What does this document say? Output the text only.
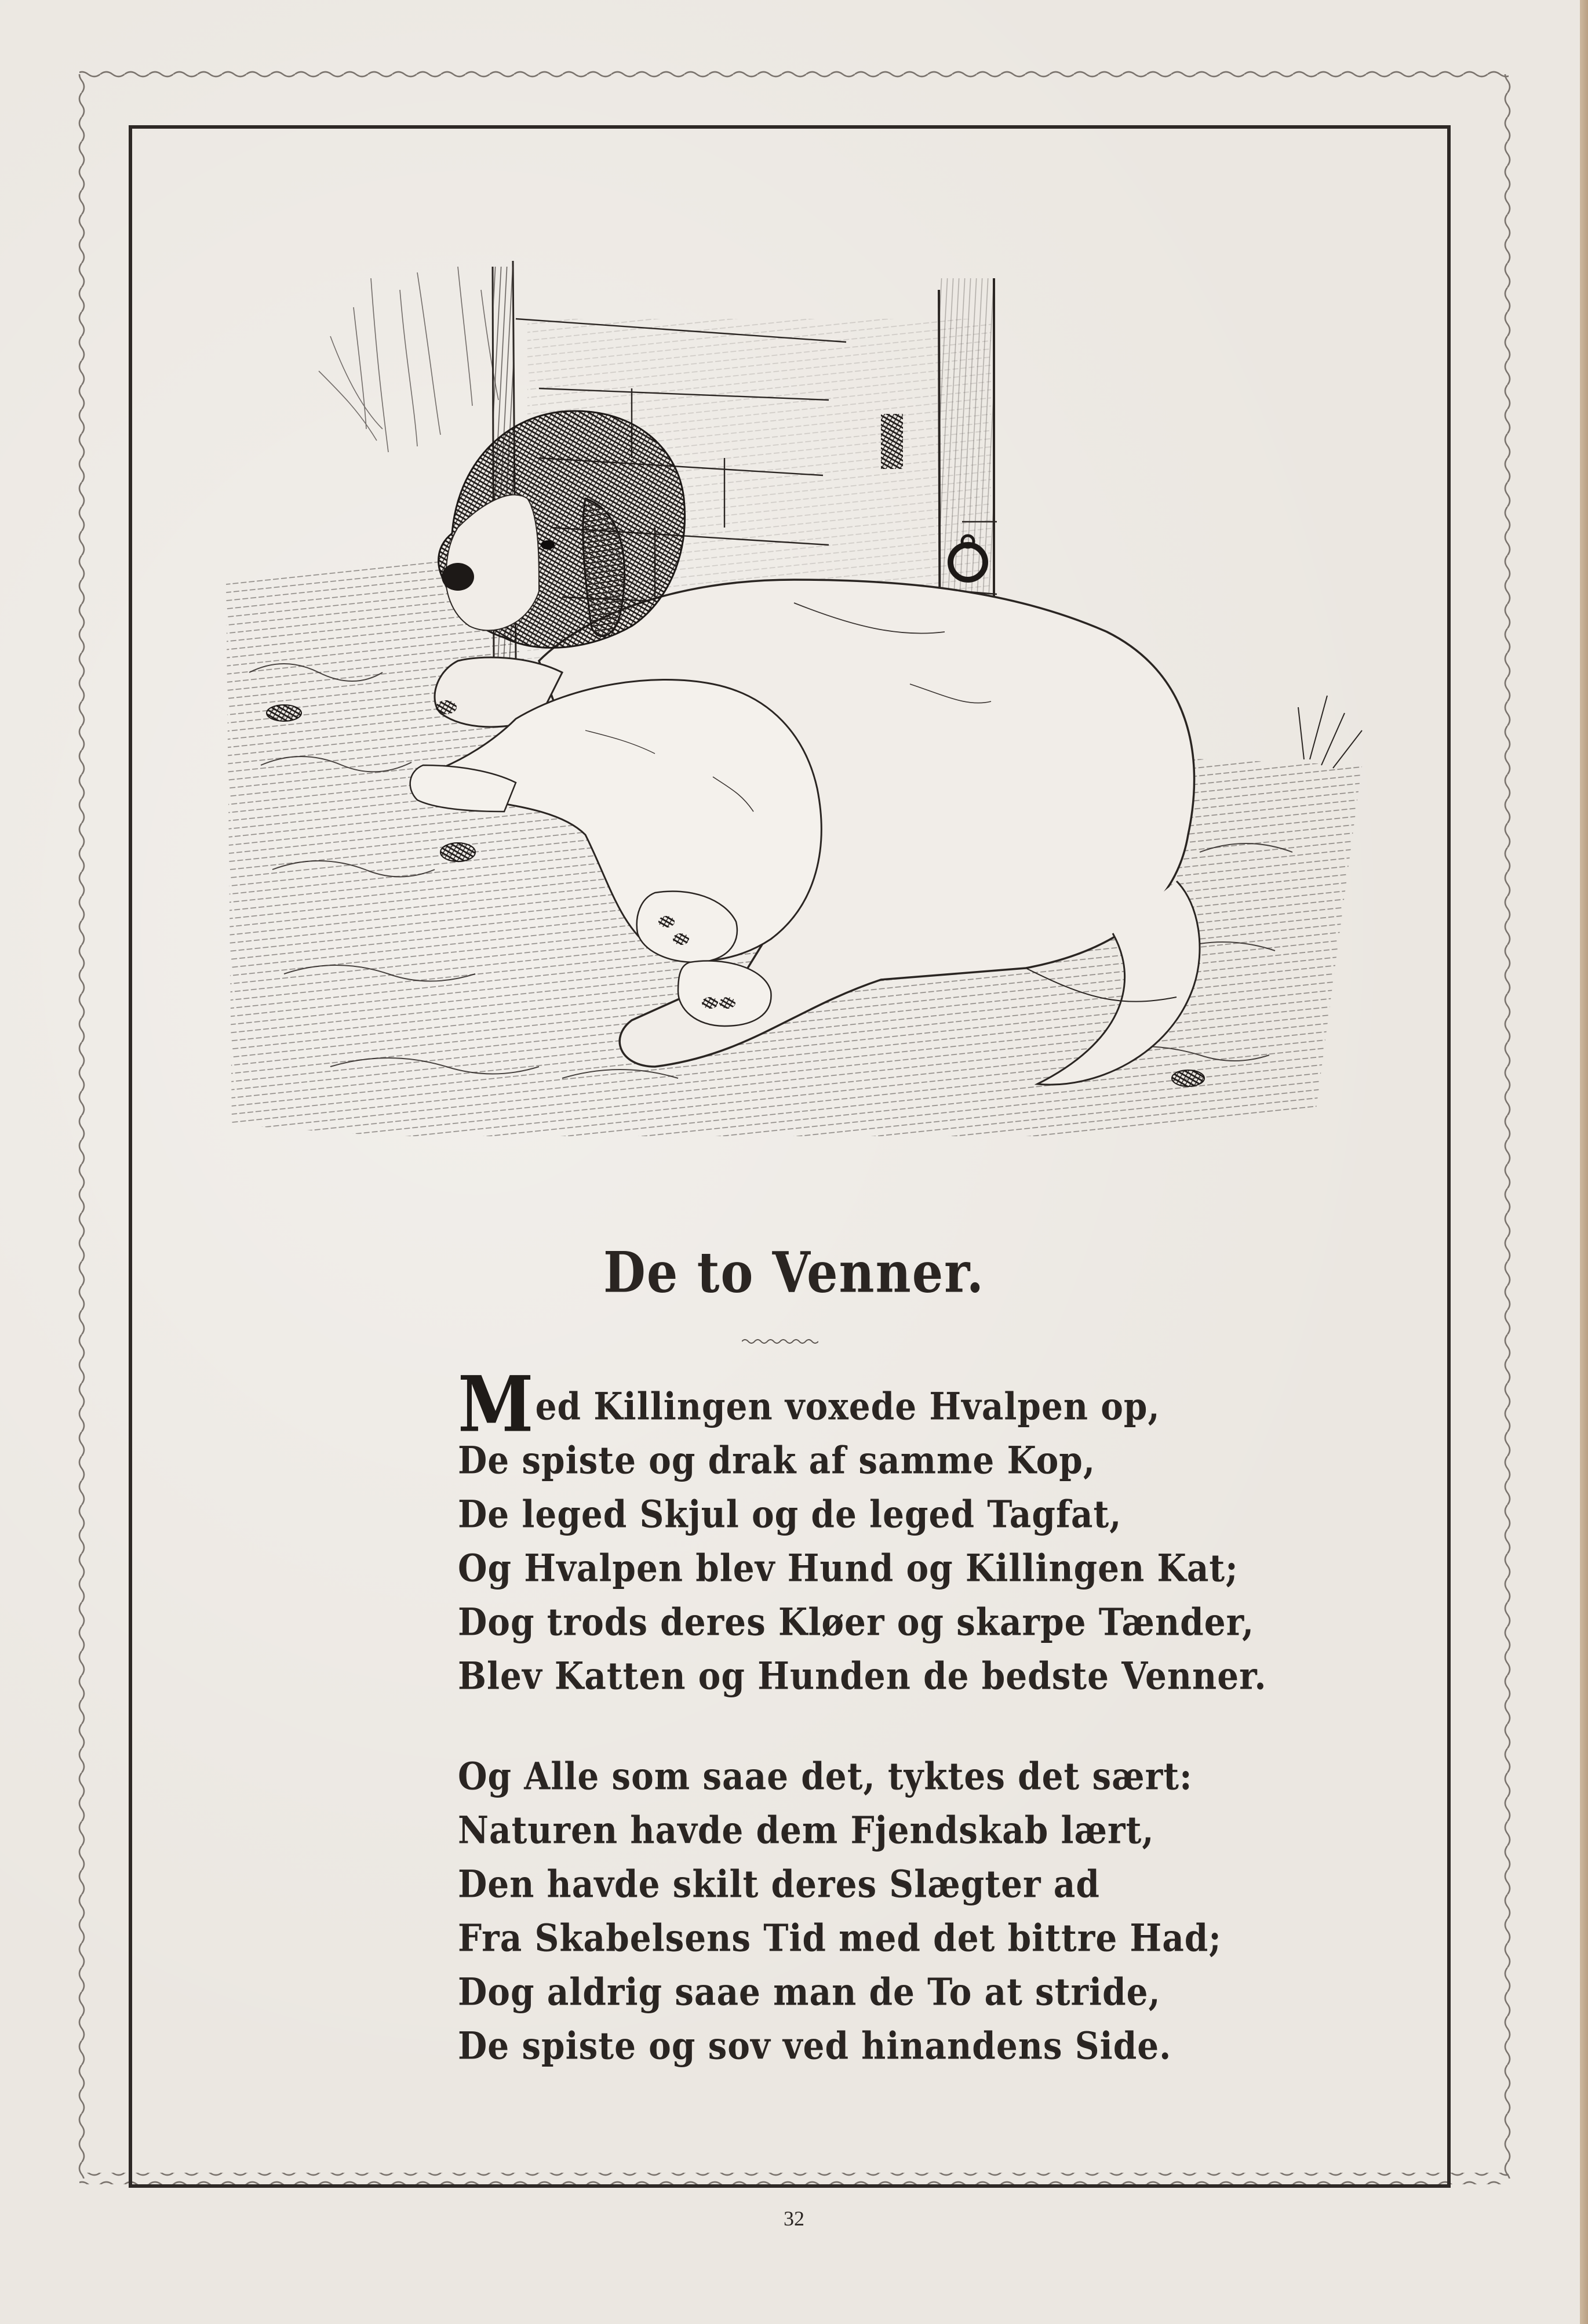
De to Venner.
Med Killingen voxede Hvalpen op,
De spiste og drak af samme Kop,
De leged Skjul og de leged Tagfat,
Og Hvalpen blev Hund og Killingen Kat;
Dog trods deres Kløer og skarpe Tænder,
Blev Katten og Hunden de bedste Venner.
Og Alle som saae det, tyktes det sært:
Naturen havde dem Fjendskab lært,
Den havde skilt deres Slægter ad
Fra Skabelsens Tid med det bittre Had;
Dog aldrig saae man de To at stride,
De spiste og sov ved hinandens Side.
32
